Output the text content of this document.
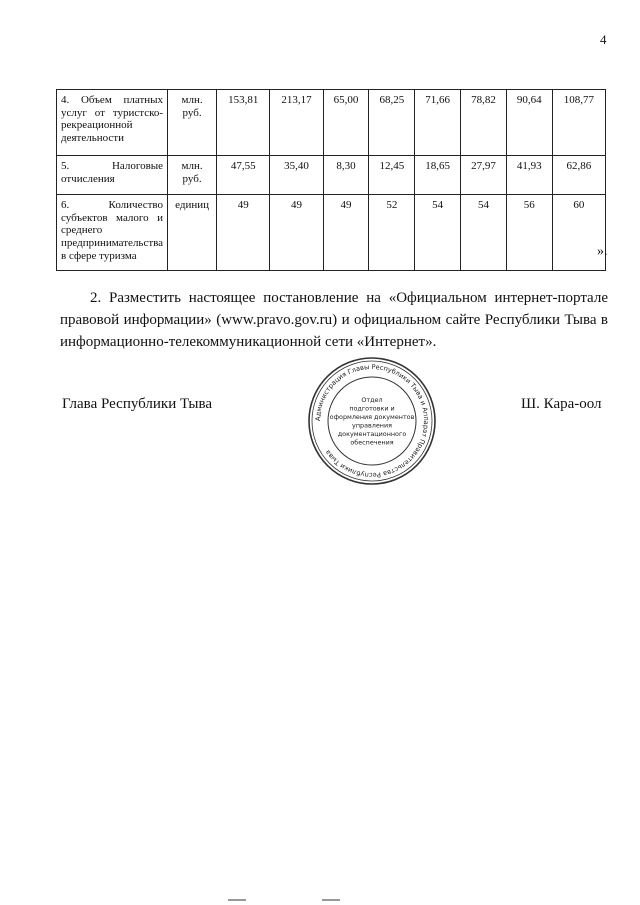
4
4. Объем платных услуг от туристско-рекреационной деятельности	млн. руб.	153,81	213,17	65,00	68,25	71,66	78,82	90,64	108,77
5. Налоговые отчисления	млн. руб.	47,55	35,40	8,30	12,45	18,65	27,97	41,93	62,86
6. Количество субъектов малого и среднего предпринимательства в сфере туризма	единиц	49	49	49	52	54	54	56	60
».

2. Разместить настоящее постановление на «Официальном интернет-портале правовой информации» (www.pravo.gov.ru) и официальном сайте Республики Тыва в информационно-телекоммуникационной сети «Интернет».

Глава Республики Тыва	Ш. Кара-оол
Администрация Главы Республики Тыва и Аппарат Правительства Республики Тыва
Отдел
подготовки и
оформления документов
управления
документационного
обеспечения
